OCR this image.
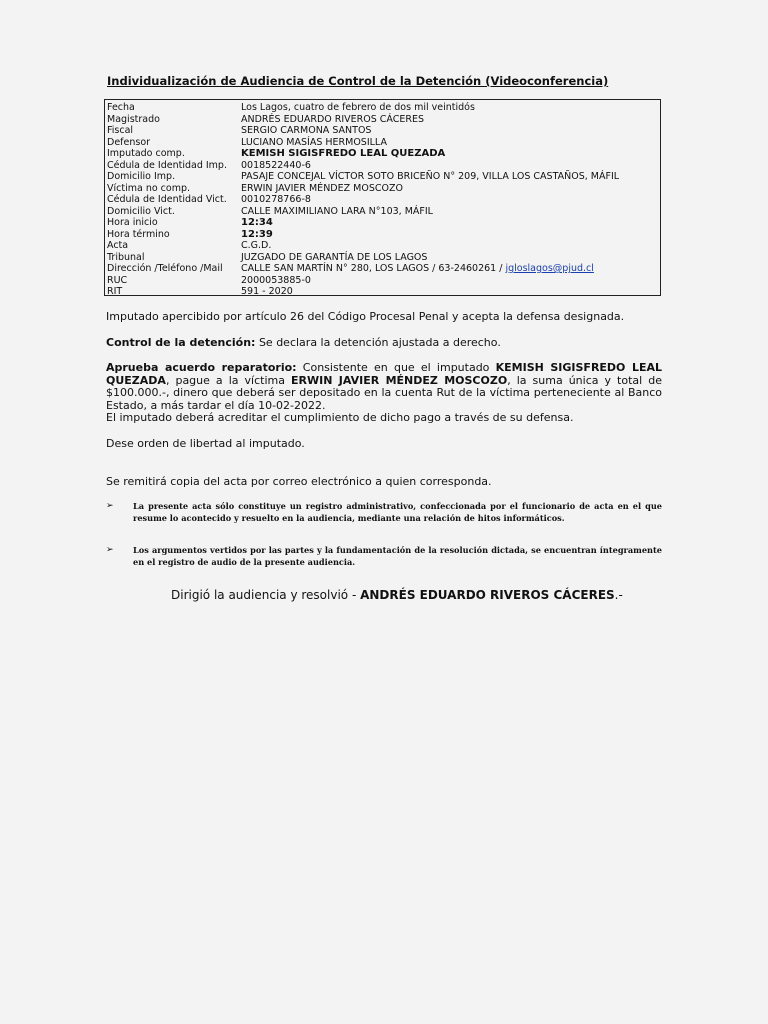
Individualización de Audiencia de Control de la Detención (Videoconferencia)
Fecha	Los Lagos, cuatro de febrero de dos mil veintidós
Magistrado	ANDRÉS EDUARDO RIVEROS CÁCERES
Fiscal	SERGIO CARMONA SANTOS
Defensor	LUCIANO MASÍAS HERMOSILLA
Imputado comp.	KEMISH SIGISFREDO LEAL QUEZADA
Cédula de Identidad Imp.	0018522440-6
Domicilio Imp.	PASAJE CONCEJAL VÍCTOR SOTO BRICEÑO N° 209, VILLA LOS CASTAÑOS, MÁFIL
Víctima no comp.	ERWIN JAVIER MÉNDEZ MOSCOZO
Cédula de Identidad Vict.	0010278766-8
Domicilio Vict.	CALLE MAXIMILIANO LARA N°103, MÁFIL
Hora inicio	12:34
Hora término	12:39
Acta	C.G.D.
Tribunal	JUZGADO DE GARANTÍA DE LOS LAGOS
Dirección /Teléfono /Mail	CALLE SAN MARTÍN N° 280, LOS LAGOS / 63-2460261 / jgloslagos@pjud.cl
RUC	2000053885-0
RIT	591 - 2020

Imputado apercibido por artículo 26 del Código Procesal Penal y acepta la defensa designada.

Control de la detención: Se declara la detención ajustada a derecho.

Aprueba acuerdo reparatorio: Consistente en que el imputado KEMISH SIGISFREDO LEAL QUEZADA, pague a la víctima ERWIN JAVIER MÉNDEZ MOSCOZO, la suma única y total de $100.000.-, dinero que deberá ser depositado en la cuenta Rut de la víctima perteneciente al Banco Estado, a más tardar el día 10-02-2022.
El imputado deberá acreditar el cumplimiento de dicho pago a través de su defensa.

Dese orden de libertad al imputado.

Se remitirá copia del acta por correo electrónico a quien corresponda.

➢	La presente acta sólo constituye un registro administrativo, confeccionada por el funcionario de acta en el que resume lo acontecido y resuelto en la audiencia, mediante una relación de hitos informáticos.
➢	Los argumentos vertidos por las partes y la fundamentación de la resolución dictada, se encuentran íntegramente en el registro de audio de la presente audiencia.

Dirigió la audiencia y resolvió - ANDRÉS EDUARDO RIVEROS CÁCERES.-
